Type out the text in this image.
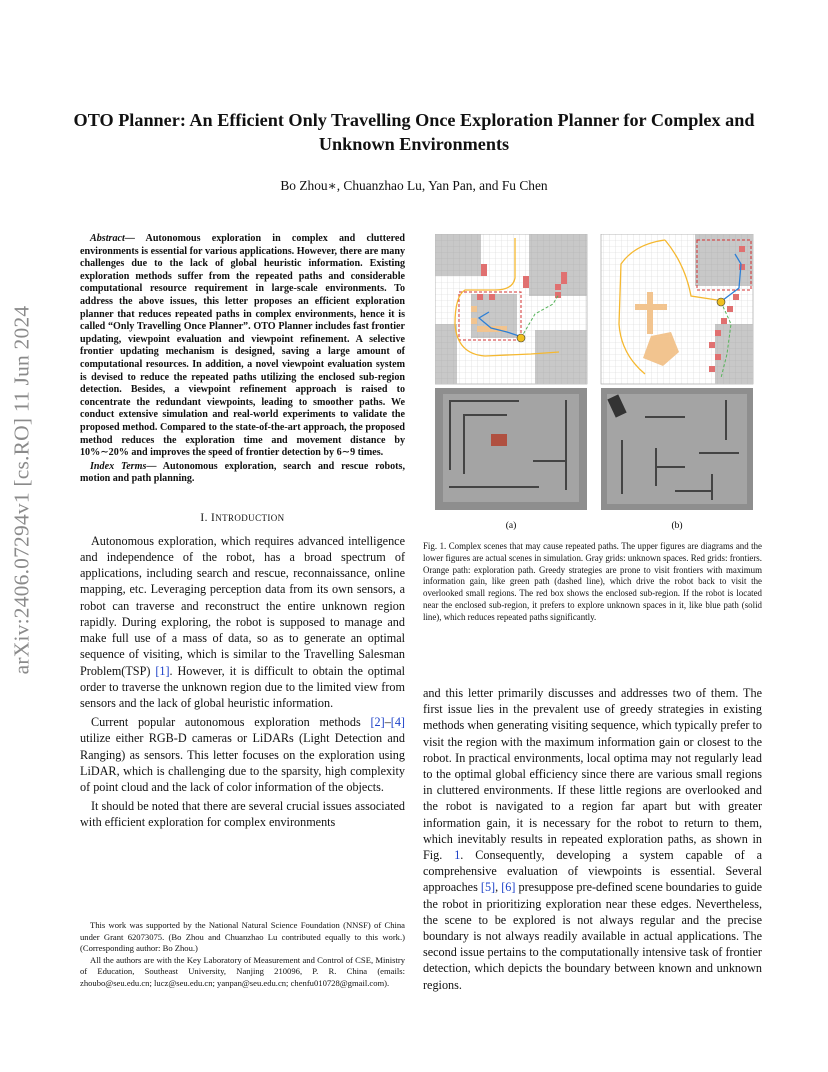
arXiv:2406.07294v1 [cs.RO] 11 Jun 2024
OTO Planner: An Efficient Only Travelling Once Exploration Planner for Complex and Unknown Environments
Bo Zhou∗, Chuanzhao Lu, Yan Pan, and Fu Chen

Abstract— Autonomous exploration in complex and cluttered environments is essential for various applications. However, there are many challenges due to the lack of global heuristic information. Existing exploration methods suffer from the repeated paths and considerable computational resource requirement in large-scale environments. To address the above issues, this letter proposes an efficient exploration planner that reduces repeated paths in complex environments, hence it is called “Only Travelling Once Planner”. OTO Planner includes fast frontier updating, viewpoint evaluation and viewpoint refinement. A selective frontier updating mechanism is designed, saving a large amount of computational resources. In addition, a novel viewpoint evaluation system is devised to reduce the repeated paths utilizing the enclosed sub-region detection. Besides, a viewpoint refinement approach is raised to concentrate the redundant viewpoints, leading to smoother paths. We conduct extensive simulation and real-world experiments to validate the proposed method. Compared to the state-of-the-art approach, the proposed method reduces the exploration time and movement distance by 10%∼20% and improves the speed of frontier detection by 6∼9 times.

Index Terms— Autonomous exploration, search and rescue robots, motion and path planning.

I. INTRODUCTION

Autonomous exploration, which requires advanced intelligence and independence of the robot, has a broad spectrum of applications, including search and rescue, reconnaissance, online mapping, etc. Leveraging perception data from its own sensors, a robot can traverse and reconstruct the entire unknown region rapidly. During exploring, the robot is supposed to manage and make full use of a mass of data, so as to generate an optimal sequence of visiting, which is similar to the Travelling Salesman Problem(TSP) [1]. However, it is difficult to obtain the optimal order to traverse the unknown region due to the limited view from sensors and the lack of global heuristic information.

Current popular autonomous exploration methods [2]–[4] utilize either RGB-D cameras or LiDARs (Light Detection and Ranging) as sensors. This letter focuses on the exploration using LiDAR, which is challenging due to the sparsity, high complexity of point cloud and the lack of color information of the objects.

It should be noted that there are several crucial issues associated with efficient exploration for complex environments

This work was supported by the National Natural Science Foundation (NNSF) of China under Grant 62073075. (Bo Zhou and Chuanzhao Lu contributed equally to this work.) (Corresponding author: Bo Zhou.)

All the authors are with the Key Laboratory of Measurement and Control of CSE, Ministry of Education, Southeast University, Nanjing 210096, P. R. China (emails: zhoubo@seu.edu.cn; lucz@seu.edu.cn; yanpan@seu.edu.cn; chenfu010728@gmail.com).

(a)	(b)
Fig. 1. Complex scenes that may cause repeated paths. The upper figures are diagrams and the lower figures are actual scenes in simulation. Gray grids: unknown spaces. Red grids: frontiers. Orange path: exploration path. Greedy strategies are prone to visit frontiers with maximum information gain, like green path (dashed line), which drive the robot back to visit the overlooked small regions. The red box shows the enclosed sub-region. If the robot is located near the enclosed sub-region, it prefers to explore unknown spaces in it, like blue path (solid line), which reduces repeated paths significantly.

and this letter primarily discusses and addresses two of them. The first issue lies in the prevalent use of greedy strategies in existing methods when generating visiting sequence, which typically prefer to visit the region with the maximum information gain or closest to the robot. In practical environments, local optima may not regularly lead to the optimal global efficiency since there are various small regions in cluttered environments. If these little regions are overlooked and the robot is navigated to a region far apart but with greater information gain, it is necessary for the robot to return to them, which inevitably results in repeated exploration paths, as shown in Fig. 1. Consequently, developing a system capable of a comprehensive evaluation of viewpoints is essential. Several approaches [5], [6] presuppose pre-defined scene boundaries to guide the robot in prioritizing exploration near these edges. Nevertheless, the scene to be explored is not always regular and the precise boundary is not always readily available in actual applications. The second issue pertains to the computationally intensive task of frontier detection, which depicts the boundary between known and unknown regions.
